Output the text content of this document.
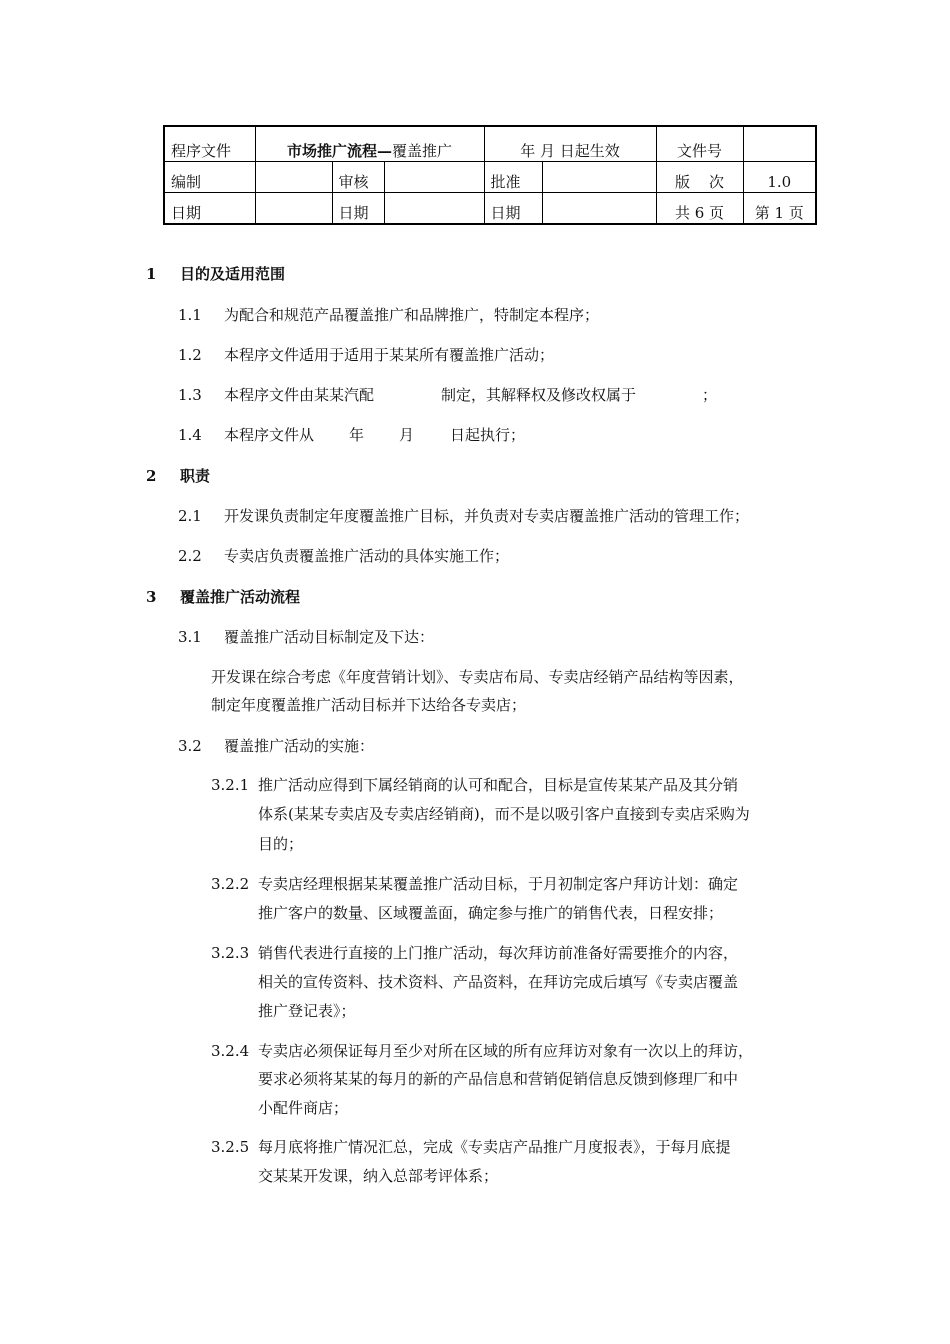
程序文件	市场推广流程—覆盖推广			年 月 日起生效		文件号	
编制		审核		批准		版    次	1.0
日期		日期		日期		共 6 页	第 1 页
1 目的及适用范围
1.1 为配合和规范产品覆盖推广和品牌推广，特制定本程序；
1.2 本程序文件适用于适用于某某所有覆盖推广活动；
1.3 本程序文件由某某汽配	制定，其解释权及修改权属于	；
1.4 本程序文件从 年 月 日起执行；
2 职责
2.1 开发课负责制定年度覆盖推广目标，并负责对专卖店覆盖推广活动的管理工作；
2.2 专卖店负责覆盖推广活动的具体实施工作；
3 覆盖推广活动流程
3.1 覆盖推广活动目标制定及下达：
开发课在综合考虑《年度营销计划》、专卖店布局、专卖店经销产品结构等因素，
制定年度覆盖推广活动目标并下达给各专卖店；
3.2 覆盖推广活动的实施：
3.2.1 推广活动应得到下属经销商的认可和配合，目标是宣传某某产品及其分销
体系(某某专卖店及专卖店经销商)，而不是以吸引客户直接到专卖店采购为
目的；
3.2.2 专卖店经理根据某某覆盖推广活动目标，于月初制定客户拜访计划：确定
推广客户的数量、区域覆盖面，确定参与推广的销售代表，日程安排；
3.2.3 销售代表进行直接的上门推广活动，每次拜访前准备好需要推介的内容，
相关的宣传资料、技术资料、产品资料，在拜访完成后填写《专卖店覆盖
推广登记表》；
3.2.4 专卖店必须保证每月至少对所在区域的所有应拜访对象有一次以上的拜访，
要求必须将某某的每月的新的产品信息和营销促销信息反馈到修理厂和中
小配件商店；
3.2.5 每月底将推广情况汇总，完成《专卖店产品推广月度报表》，于每月底提
交某某开发课，纳入总部考评体系；
